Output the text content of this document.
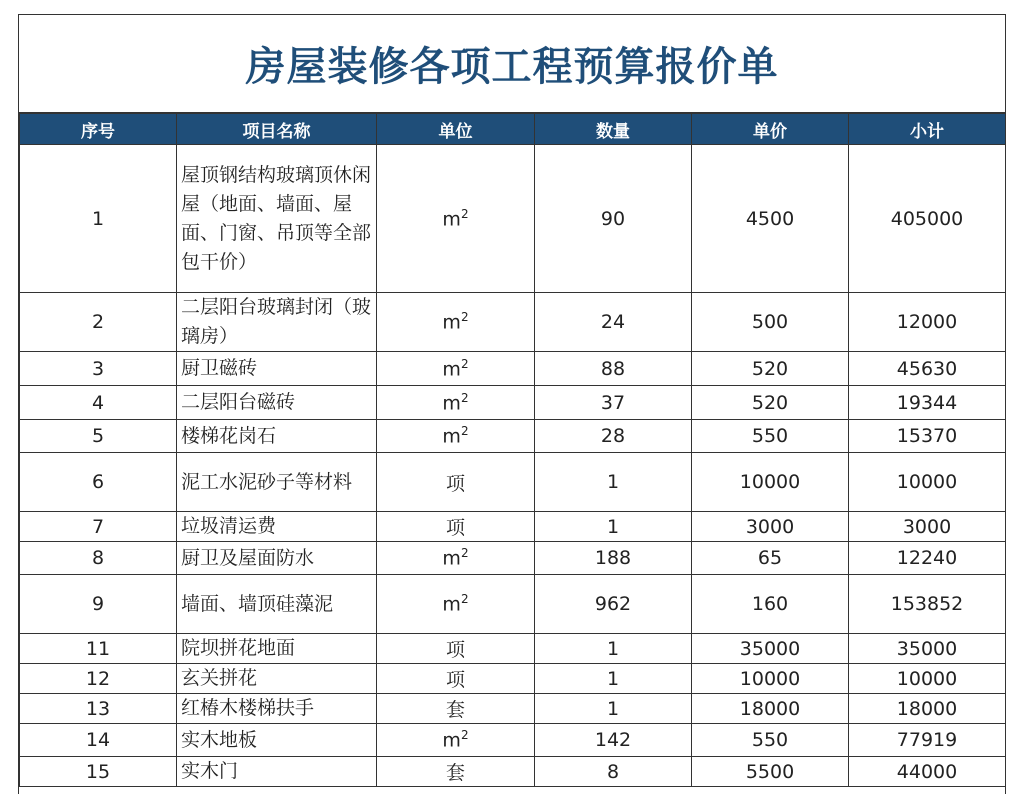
房屋装修各项工程预算报价单
序号	项目名称	单位	数量	单价	小计
1	屋顶钢结构玻璃顶休闲屋（地面、墙面、屋面、门窗、吊顶等全部包干价）	$m^2$	90	4500	405000
2	二层阳台玻璃封闭（玻璃房）	$m^2$	24	500	12000
3	厨卫磁砖	$m^2$	88	520	45630
4	二层阳台磁砖	$m^2$	37	520	19344
5	楼梯花岗石	$m^2$	28	550	15370
6	泥工水泥砂子等材料	项	1	10000	10000
7	垃圾清运费	项	1	3000	3000
8	厨卫及屋面防水	$m^2$	188	65	12240
9	墙面、墙顶硅藻泥	$m^2$	962	160	153852
11	院坝拼花地面	项	1	35000	35000
12	玄关拼花	项	1	10000	10000
13	红椿木楼梯扶手	套	1	18000	18000
14	实木地板	$m^2$	142	550	77919
15	实木门	套	8	5500	44000
